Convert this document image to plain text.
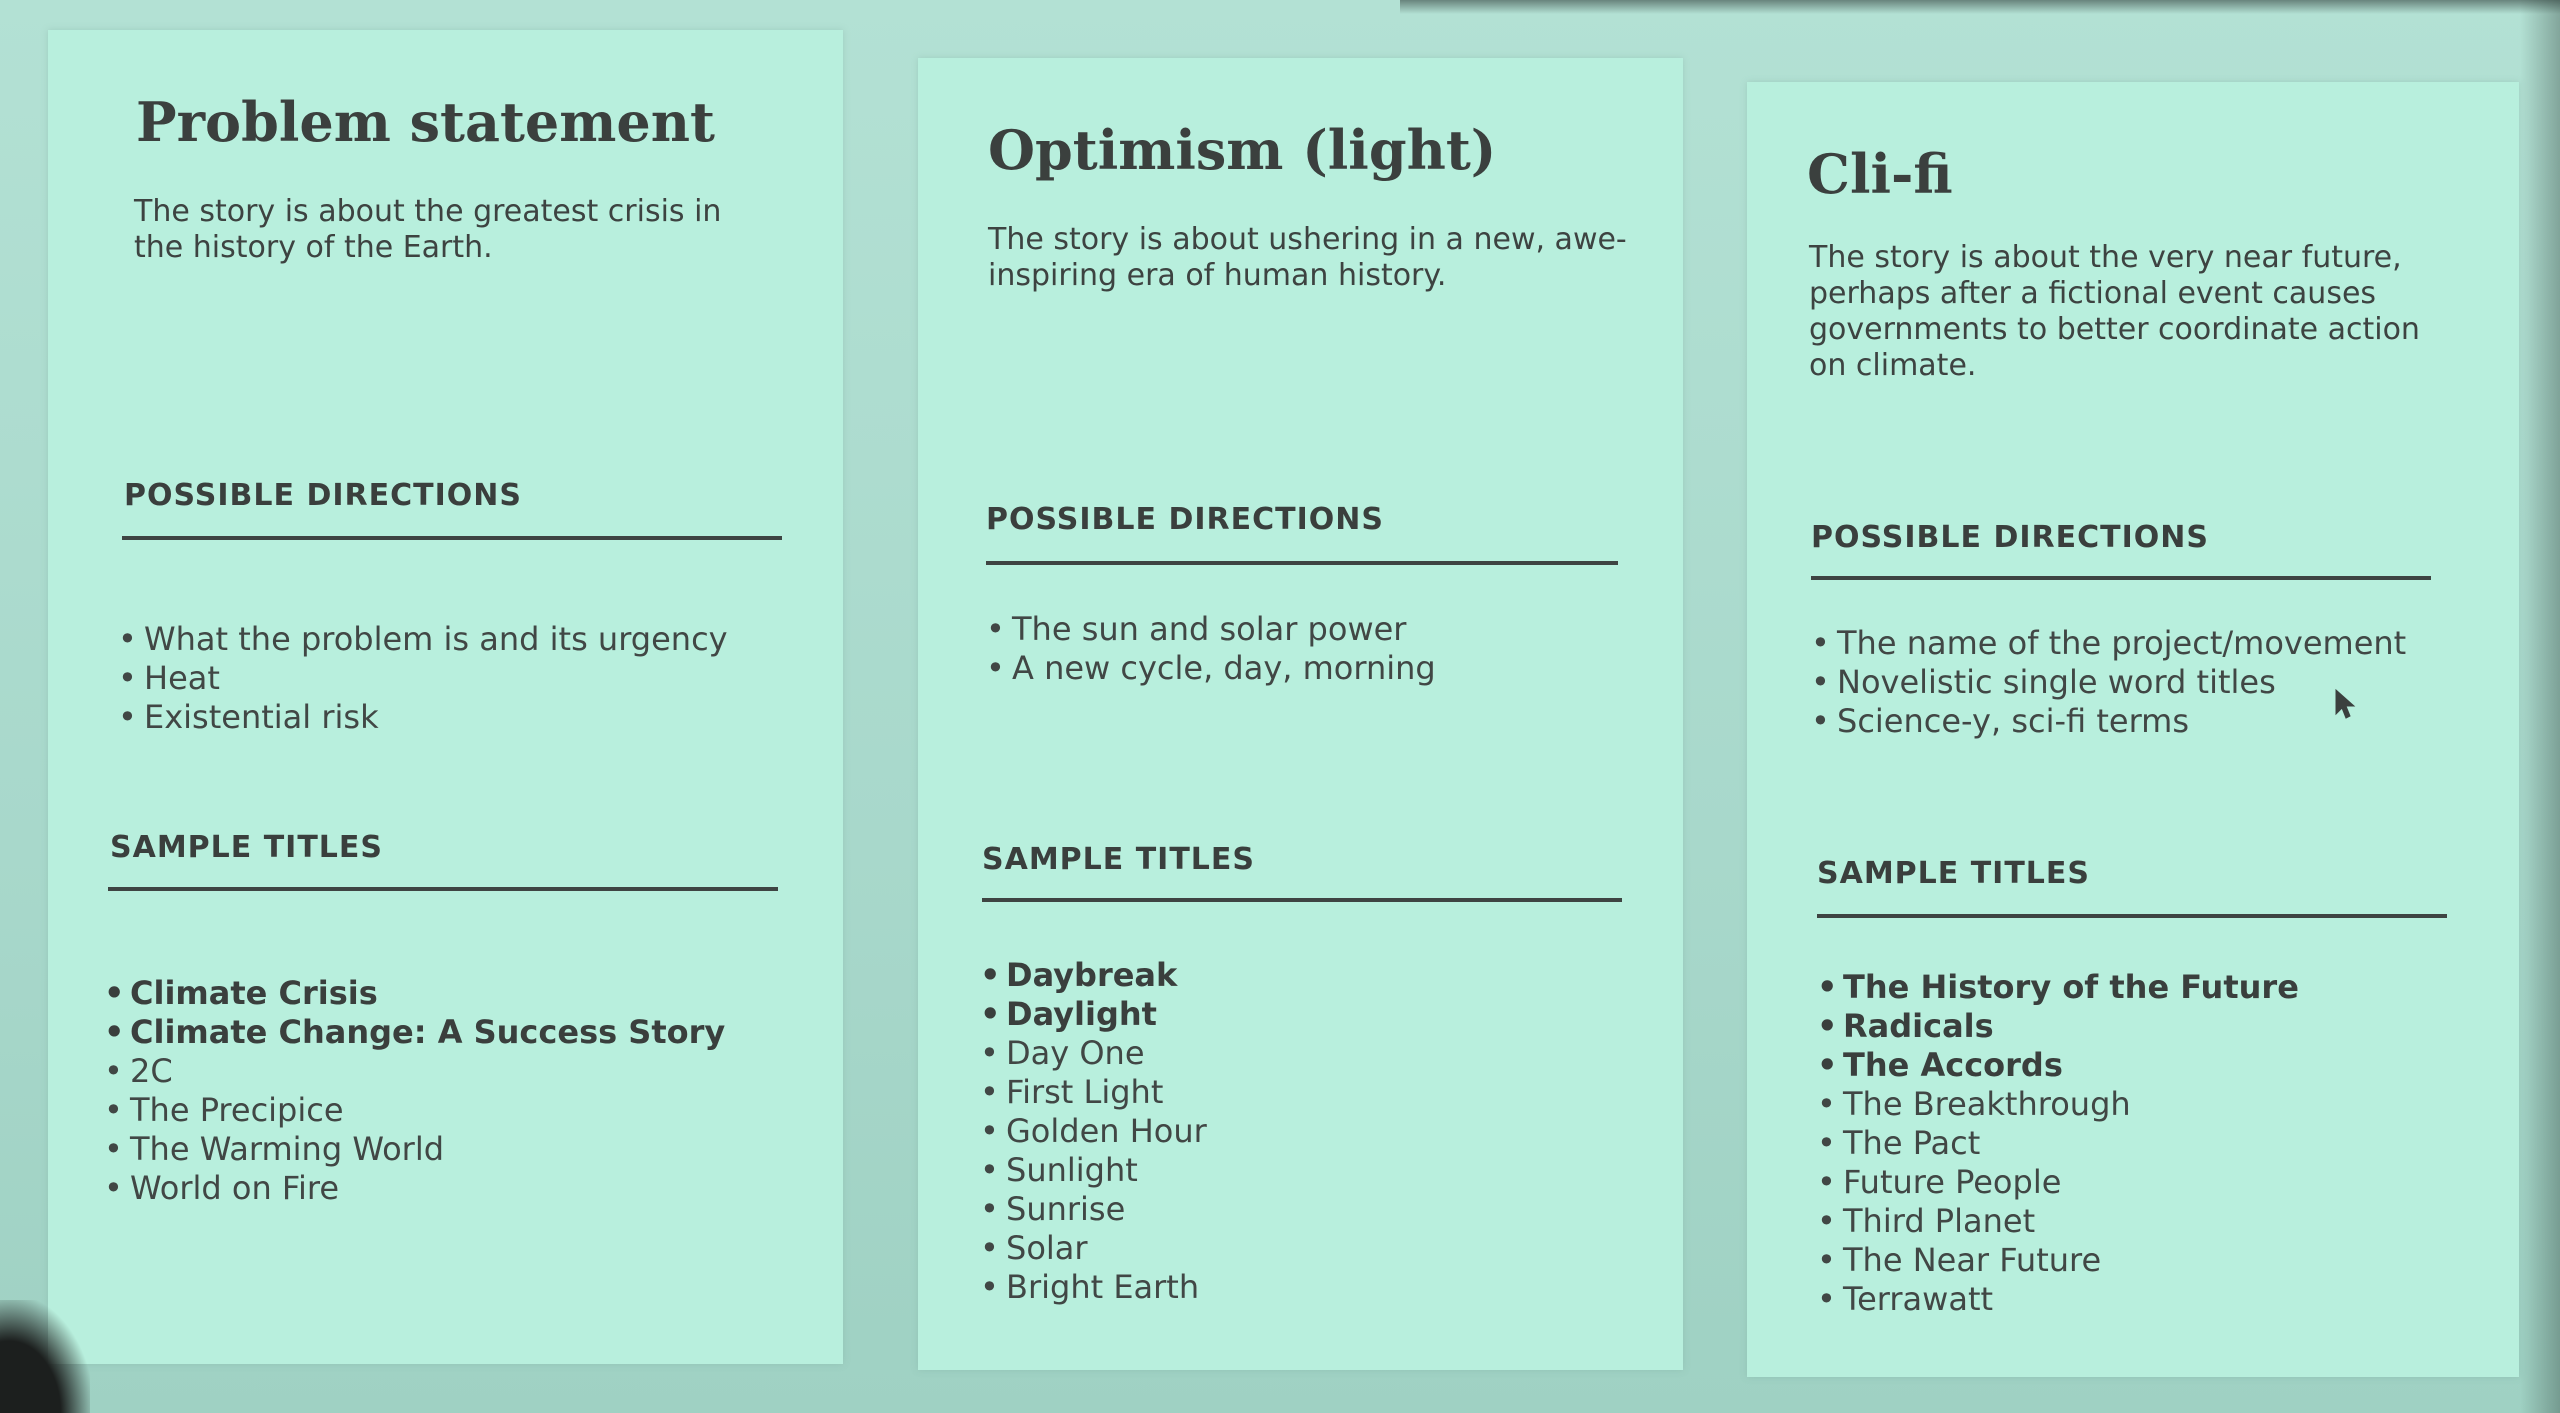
Problem statement
The story is about the greatest crisis in the history of the Earth.
POSSIBLE DIRECTIONS
• What the problem is and its urgency
• Heat
• Existential risk
SAMPLE TITLES
• Climate Crisis
• Climate Change: A Success Story
• 2C
• The Precipice
• The Warming World
• World on Fire
Optimism (light)
The story is about ushering in a new, awe-inspiring era of human history.
POSSIBLE DIRECTIONS
• The sun and solar power
• A new cycle, day, morning
SAMPLE TITLES
• Daybreak
• Daylight
• Day One
• First Light
• Golden Hour
• Sunlight
• Sunrise
• Solar
• Bright Earth
Cli-fi
The story is about the very near future, perhaps after a fictional event causes governments to better coordinate action on climate.
POSSIBLE DIRECTIONS
• The name of the project/movement
• Novelistic single word titles
• Science-y, sci-fi terms
SAMPLE TITLES
• The History of the Future
• Radicals
• The Accords
• The Breakthrough
• The Pact
• Future People
• Third Planet
• The Near Future
• Terrawatt
